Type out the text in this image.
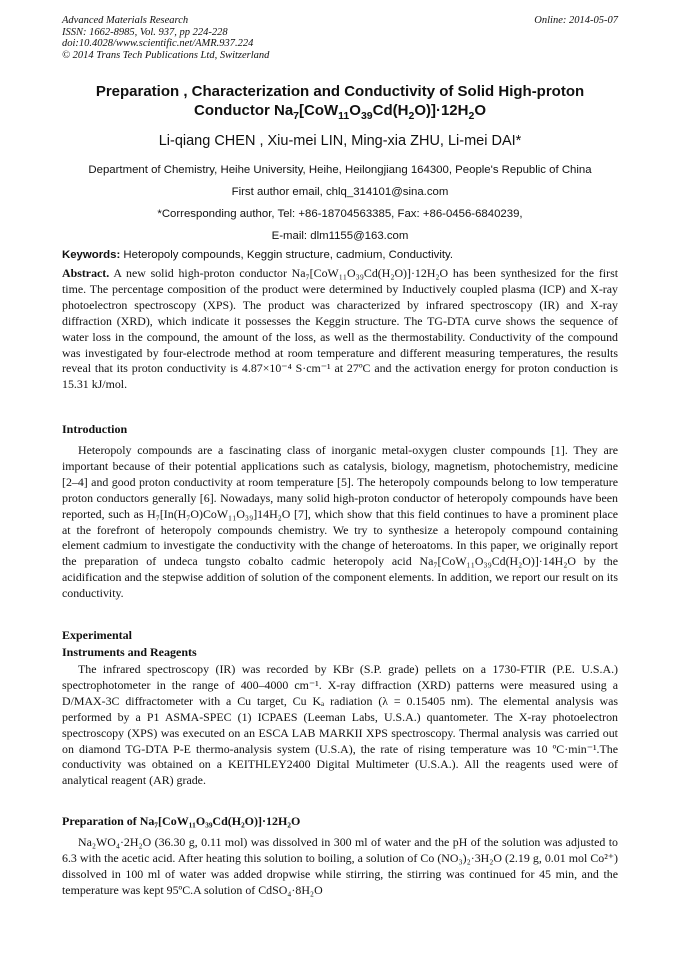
Advanced Materials Research
ISSN: 1662-8985, Vol. 937, pp 224-228
doi:10.4028/www.scientific.net/AMR.937.224
© 2014 Trans Tech Publications Ltd, Switzerland
Online: 2014-05-07
Preparation , Characterization and Conductivity of Solid High-proton
Conductor $Na_7[CoW_{11}O_{39}Cd(H_2O)]\cdot 12H_2O$
Li-qiang CHEN , Xiu-mei LIN, Ming-xia ZHU, Li-mei DAI*
Department of Chemistry, Heihe University, Heihe, Heilongjiang 164300, People's Republic of China
First author email, chlq_314101@sina.com
*Corresponding author, Tel: +86-18704563385, Fax: +86-0456-6840239,
E-mail: dlm1155@163.com
Keywords: Heteropoly compounds, Keggin structure, cadmium, Conductivity.
Abstract. A new solid high-proton conductor Na₇[CoW₁₁O₃₉Cd(H₂O)]·12H₂O has been synthesized for the first time. The percentage composition of the product were determined by Inductively coupled plasma (ICP) and X-ray photoelectron spectroscopy (XPS). The product was characterized by infrared spectroscopy (IR) and X-ray diffraction (XRD), which indicate it possesses the Keggin structure. The TG-DTA curve shows the sequence of water loss in the compound, the amount of the loss, as well as the thermostability. Conductivity of the compound was investigated by four-electrode method at room temperature and different measuring temperatures, the results reveal that its proton conductivity is 4.87×10⁻⁴ S·cm⁻¹ at 27ºC and the activation energy for proton conduction is 15.31 kJ/mol.
Introduction
Heteropoly compounds are a fascinating class of inorganic metal-oxygen cluster compounds [1]. They are important because of their potential applications such as catalysis, biology, magnetism, photochemistry, medicine [2–4] and good proton conductivity at room temperature [5]. The heteropoly compounds belong to low temperature proton conductors generally [6]. Nowadays, many solid high-proton conductor of heteropoly compounds have been reported, such as H₇[In(H₇O)CoW₁₁O₃₉]14H₂O [7], which show that this field continues to have a prominent place at the forefront of heteropoly compounds chemistry. We try to synthesize a heteropoly compound containing element cadmium to investigate the conductivity with the change of heteroatoms. In this paper, we originally report the preparation of undeca tungsto cobalto cadmic heteropoly acid Na₇[CoW₁₁O₃₉Cd(H₂O)]·14H₂O by the acidification and the stepwise addition of solution of the component elements. In addition, we report our result on its conductivity.
Experimental
Instruments and Reagents
The infrared spectroscopy (IR) was recorded by KBr (S.P. grade) pellets on a 1730-FTIR (P.E. U.S.A.) spectrophotometer in the range of 400–4000 cm⁻¹. X-ray diffraction (XRD) patterns were measured using a D/MAX-3C diffractometer with a Cu target, Cu Kₐ radiation (λ = 0.15405 nm). The elemental analysis was performed by a P1 ASMA-SPEC (1) ICPAES (Leeman Labs, U.S.A.) quantometer. The X-ray photoelectron spectroscopy (XPS) was executed on an ESCA LAB MARKII XPS spectroscopy. Thermal analysis was carried out on diamond TG-DTA P-E thermo-analysis system (U.S.A), the rate of rising temperature was 10 ºC·min⁻¹.The conductivity was obtained on a KEITHLEY2400 Digital Multimeter (U.S.A.). All the reagents used were of analytical reagent (AR) grade.
Preparation of Na₇[CoW₁₁O₃₉Cd(H₂O)]·12H₂O
Na₂WO₄·2H₂O (36.30 g, 0.11 mol) was dissolved in 300 ml of water and the pH of the solution was adjusted to 6.3 with the acetic acid. After heating this solution to boiling, a solution of Co (NO₃)₂·3H₂O (2.19 g, 0.01 mol Co²⁺) dissolved in 100 ml of water was added dropwise while stirring, the stirring was continued for 45 min, and the temperature was kept 95ºC.A solution of CdSO₄·8H₂O
